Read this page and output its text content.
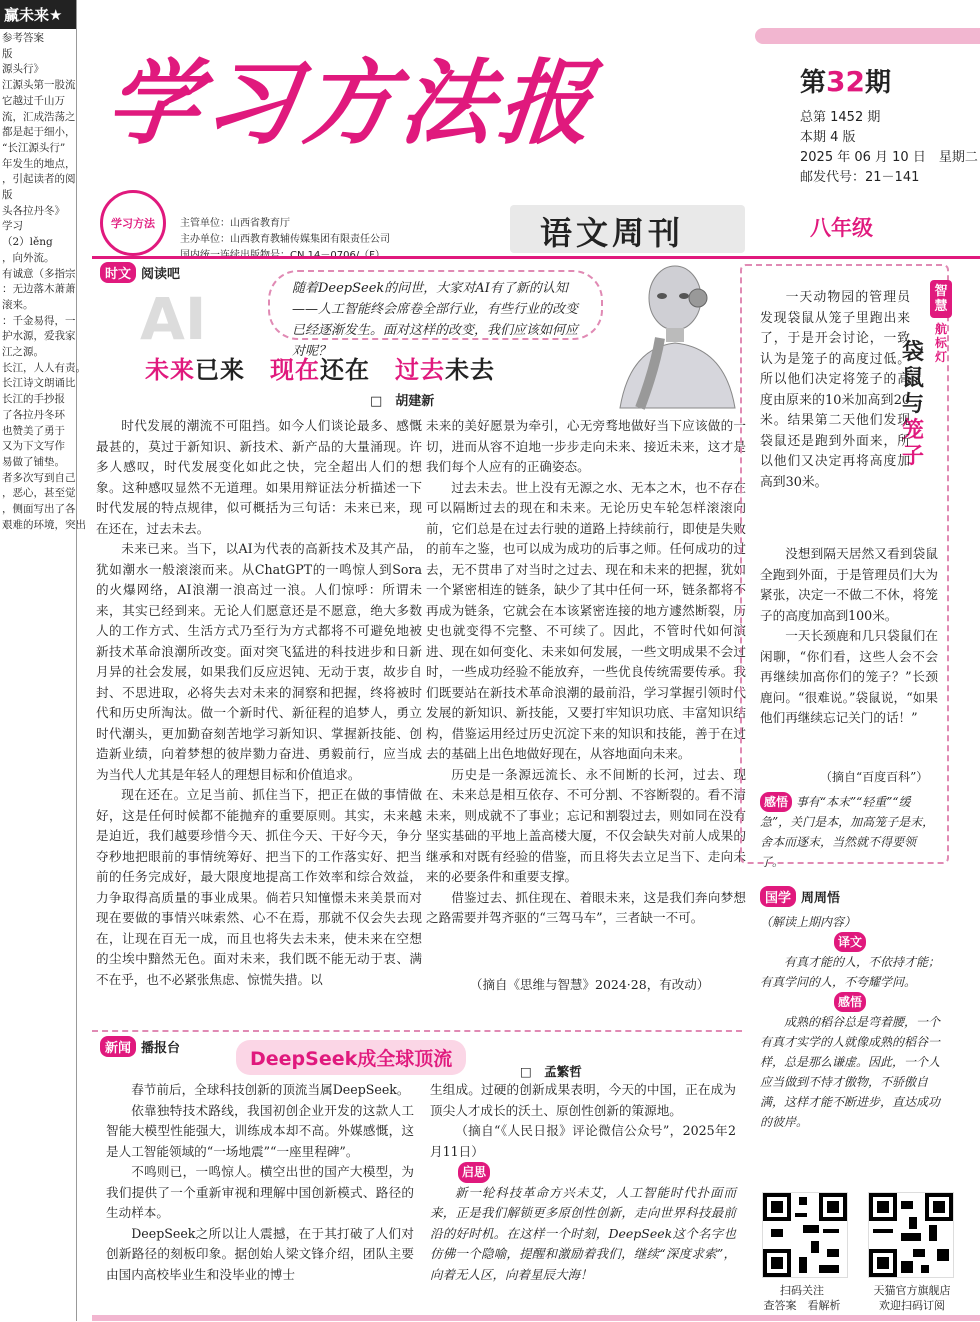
赢未来★
参考答案
版
源头行》
江源头第一股流
它越过千山万
流，汇成浩荡之
都是起于细小，
“长江源头行”
年发生的地点，
，引起读者的阅
版
头各拉丹冬》
学习
（2）lěng
，向外流。
有诚意（多指宗
：无边落木萧萧
滚来。
：千金易得，一
护水源，爱我家
江之源。
长江，人人有责。
长江诗文朗诵比
长江的手抄报
了各拉丹冬环
也赞美了勇于
又为下文写作
易做了铺垫。
者多次写到自己
，恶心，甚至觉
，侧面写出了各
艰难的环境，突出
学习方法报	第32期
总第 1452 期
本期 4 版
2025 年 06 月 10 日　星期二
邮发代号：21－141
学习方法	主管单位：山西省教育厅
主办单位：山西教育教辅传媒集团有限责任公司	语文周刊	八年级
时文 阅读吧
AI	随着DeepSeek的问世，大家对AI有了新的认知——人工智能终会席卷全部行业，有些行业的改变已经逐渐发生。面对这样的改变，我们应该如何应对呢？
未来已来　现在还在　过去未去
□　胡建新

时代发展的潮流不可阻挡。如今人们谈论最多、感慨最甚的，莫过于新知识、新技术、新产品的大量涌现。许多人感叹，时代发展变化如此之快，完全超出人们的想象。这种感叹显然不无道理。如果用辩证法分析描述一下时代发展的特点规律，似可概括为三句话：未来已来，现在还在，过去未去。

未来已来。当下，以AI为代表的高新技术及其产品，犹如潮水一般滚滚而来。从ChatGPT的一鸣惊人到Sora的火爆网络，AI浪潮一浪高过一浪。人们惊呼：所谓未来，其实已经到来。无论人们愿意还是不愿意，绝大多数人的工作方式、生活方式乃至行为方式都将不可避免地被新技术革命浪潮所改变。面对突飞猛进的科技进步和日新月异的社会发展，如果我们反应迟钝、无动于衷，故步自封、不思进取，必将失去对未来的洞察和把握，终将被时代和历史所淘汰。做一个新时代、新征程的追梦人，勇立时代潮头，更加勤奋刻苦地学习新知识、掌握新技能、创造新业绩，向着梦想的彼岸勠力奋进、勇毅前行，应当成为当代人尤其是年轻人的理想目标和价值追求。

现在还在。立足当前、抓住当下，把正在做的事情做好，这是任何时候都不能抛弃的重要原则。其实，未来越是迫近，我们越要珍惜今天、抓住今天、干好今天，争分夺秒地把眼前的事情统筹好、把当下的工作落实好、把当前的任务完成好，最大限度地提高工作效率和综合效益，力争取得高质量的事业成果。倘若只知憧憬未来美景而对现在要做的事情兴味索然、心不在焉，那就不仅会失去现在，让现在百无一成，而且也将失去未来，使未来在空想的尘埃中黯然无色。面对未来，我们既不能无动于衷、满不在乎，也不必紧张焦虑、惊慌失措。以

未来的美好愿景为牵引，心无旁骛地做好当下应该做的一切，进而从容不迫地一步步走向未来、接近未来，这才是我们每个人应有的正确姿态。

过去未去。世上没有无源之水、无本之木，也不存在可以隔断过去的现在和未来。无论历史车轮怎样滚滚向前，它们总是在过去行驶的道路上持续前行，即使是失败的前车之鉴，也可以成为成功的后事之师。任何成功的过去，无不贯串了对当时之过去、现在和未来的把握，犹如一个紧密相连的链条，缺少了其中任何一环，链条都将不再成为链条，它就会在本该紧密连接的地方遽然断裂，历史也就变得不完整、不可续了。因此，不管时代如何演进、现在如何变化、未来如何发展，一些文明成果不会过时，一些成功经验不能放弃，一些优良传统需要传承。我们既要站在新技术革命浪潮的最前沿，学习掌握引领时代发展的新知识、新技能，又要打牢知识功底、丰富知识结构，借鉴运用经过历史沉淀下来的知识和技能，善于在过去的基础上出色地做好现在，从容地面向未来。

历史是一条源远流长、永不间断的长河，过去、现在、未来总是相互依存、不可分割、不容断裂的。看不清未来，则成就不了事业；忘记和割裂过去，则如同在没有坚实基础的平地上盖高楼大厦，不仅会缺失对前人成果的继承和对既有经验的借鉴，而且将失去立足当下、走向未来的必要条件和重要支撑。

借鉴过去、抓住现在、着眼未来，这是我们奔向梦想之路需要并驾齐驱的“三驾马车”，三者缺一不可。

（摘自《思维与智慧》2024·28，有改动）
智慧
航标灯
袋鼠与笼子

一天动物园的管理员发现袋鼠从笼子里跑出来了，于是开会讨论，一致认为是笼子的高度过低。所以他们决定将笼子的高度由原来的10米加高到20米。结果第二天他们发现袋鼠还是跑到外面来，所以他们又决定再将高度加高到30米。

没想到隔天居然又看到袋鼠全跑到外面，于是管理员们大为紧张，决定一不做二不休，将笼子的高度加高到100米。

一天长颈鹿和几只袋鼠们在闲聊，“你们看，这些人会不会再继续加高你们的笼子？”长颈鹿问。“很难说。”袋鼠说，“如果他们再继续忘记关门的话！”

（摘自“百度百科”）
感悟 事有“本末”“轻重”“缓急”，关门是本，加高笼子是末，舍本而逐末，当然就不得要领了。
国学 周周悟
（解读上期内容）
译文
有真才能的人，不依持才能；有真学问的人，不夸耀学问。
感悟
成熟的稻谷总是弯着腰，一个有真才实学的人就像成熟的稻谷一样，总是那么谦虚。因此，一个人应当做到不恃才傲物，不骄傲自满，这样才能不断进步，直达成功的彼岸。
新闻 播报台	DeepSeek成全球顶流
□　孟繁哲

春节前后，全球科技创新的顶流当属DeepSeek。

依靠独特技术路线，我国初创企业开发的这款人工智能大模型性能强大，训练成本却不高。外媒感慨，这是人工智能领域的“一场地震”“一座里程碑”。

不鸣则已，一鸣惊人。横空出世的国产大模型，为我们提供了一个重新审视和理解中国创新模式、路径的生动样本。

DeepSeek之所以让人震撼，在于其打破了人们对创新路径的刻板印象。据创始人梁文锋介绍，团队主要由国内高校毕业生和没毕业的博士

生组成。过硬的创新成果表明，今天的中国，正在成为顶尖人才成长的沃土、原创性创新的策源地。

（摘自“《人民日报》评论微信公众号”，2025年2月11日）

启思
新一轮科技革命方兴未艾，人工智能时代扑面而来，正是我们解锁更多原创性创新，走向世界科技最前沿的好时机。在这样一个时刻，DeepSeek这个名字也仿佛一个隐喻，提醒和激励着我们，继续“深度求索”，向着无人区，向着星辰大海！
扫码关注
查答案　看解析
天猫官方旗舰店
欢迎扫码订阅
